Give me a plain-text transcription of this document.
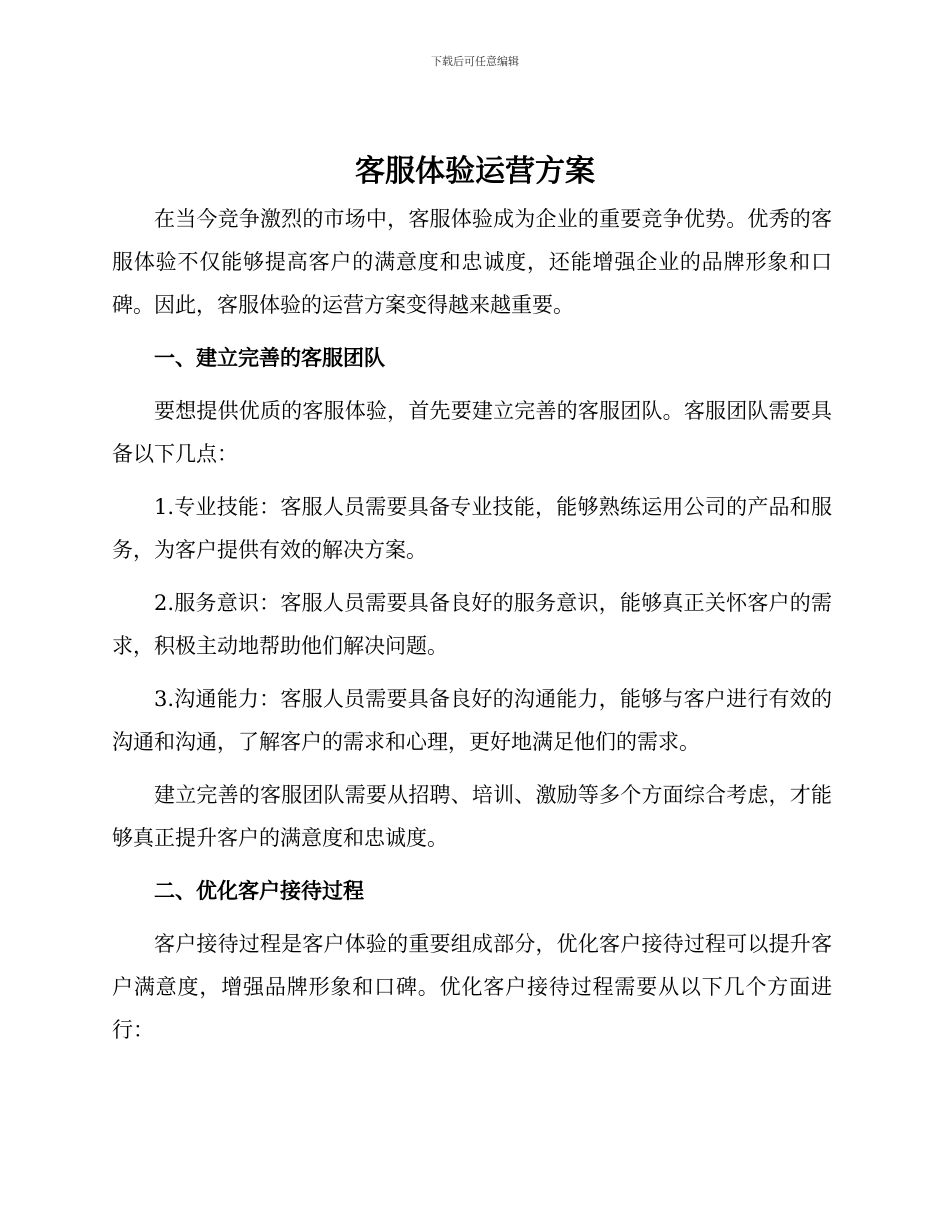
下载后可任意编辑
客服体验运营方案

在当今竞争激烈的市场中，客服体验成为企业的重要竞争优势。优秀的客服体验不仅能够提高客户的满意度和忠诚度，还能增强企业的品牌形象和口碑。因此，客服体验的运营方案变得越来越重要。

一、建立完善的客服团队

要想提供优质的客服体验，首先要建立完善的客服团队。客服团队需要具备以下几点：

1.专业技能：客服人员需要具备专业技能，能够熟练运用公司的产品和服务，为客户提供有效的解决方案。

2.服务意识：客服人员需要具备良好的服务意识，能够真正关怀客户的需求，积极主动地帮助他们解决问题。

3.沟通能力：客服人员需要具备良好的沟通能力，能够与客户进行有效的沟通和沟通，了解客户的需求和心理，更好地满足他们的需求。

建立完善的客服团队需要从招聘、培训、激励等多个方面综合考虑，才能够真正提升客户的满意度和忠诚度。

二、优化客户接待过程

客户接待过程是客户体验的重要组成部分，优化客户接待过程可以提升客户满意度，增强品牌形象和口碑。优化客户接待过程需要从以下几个方面进行：
